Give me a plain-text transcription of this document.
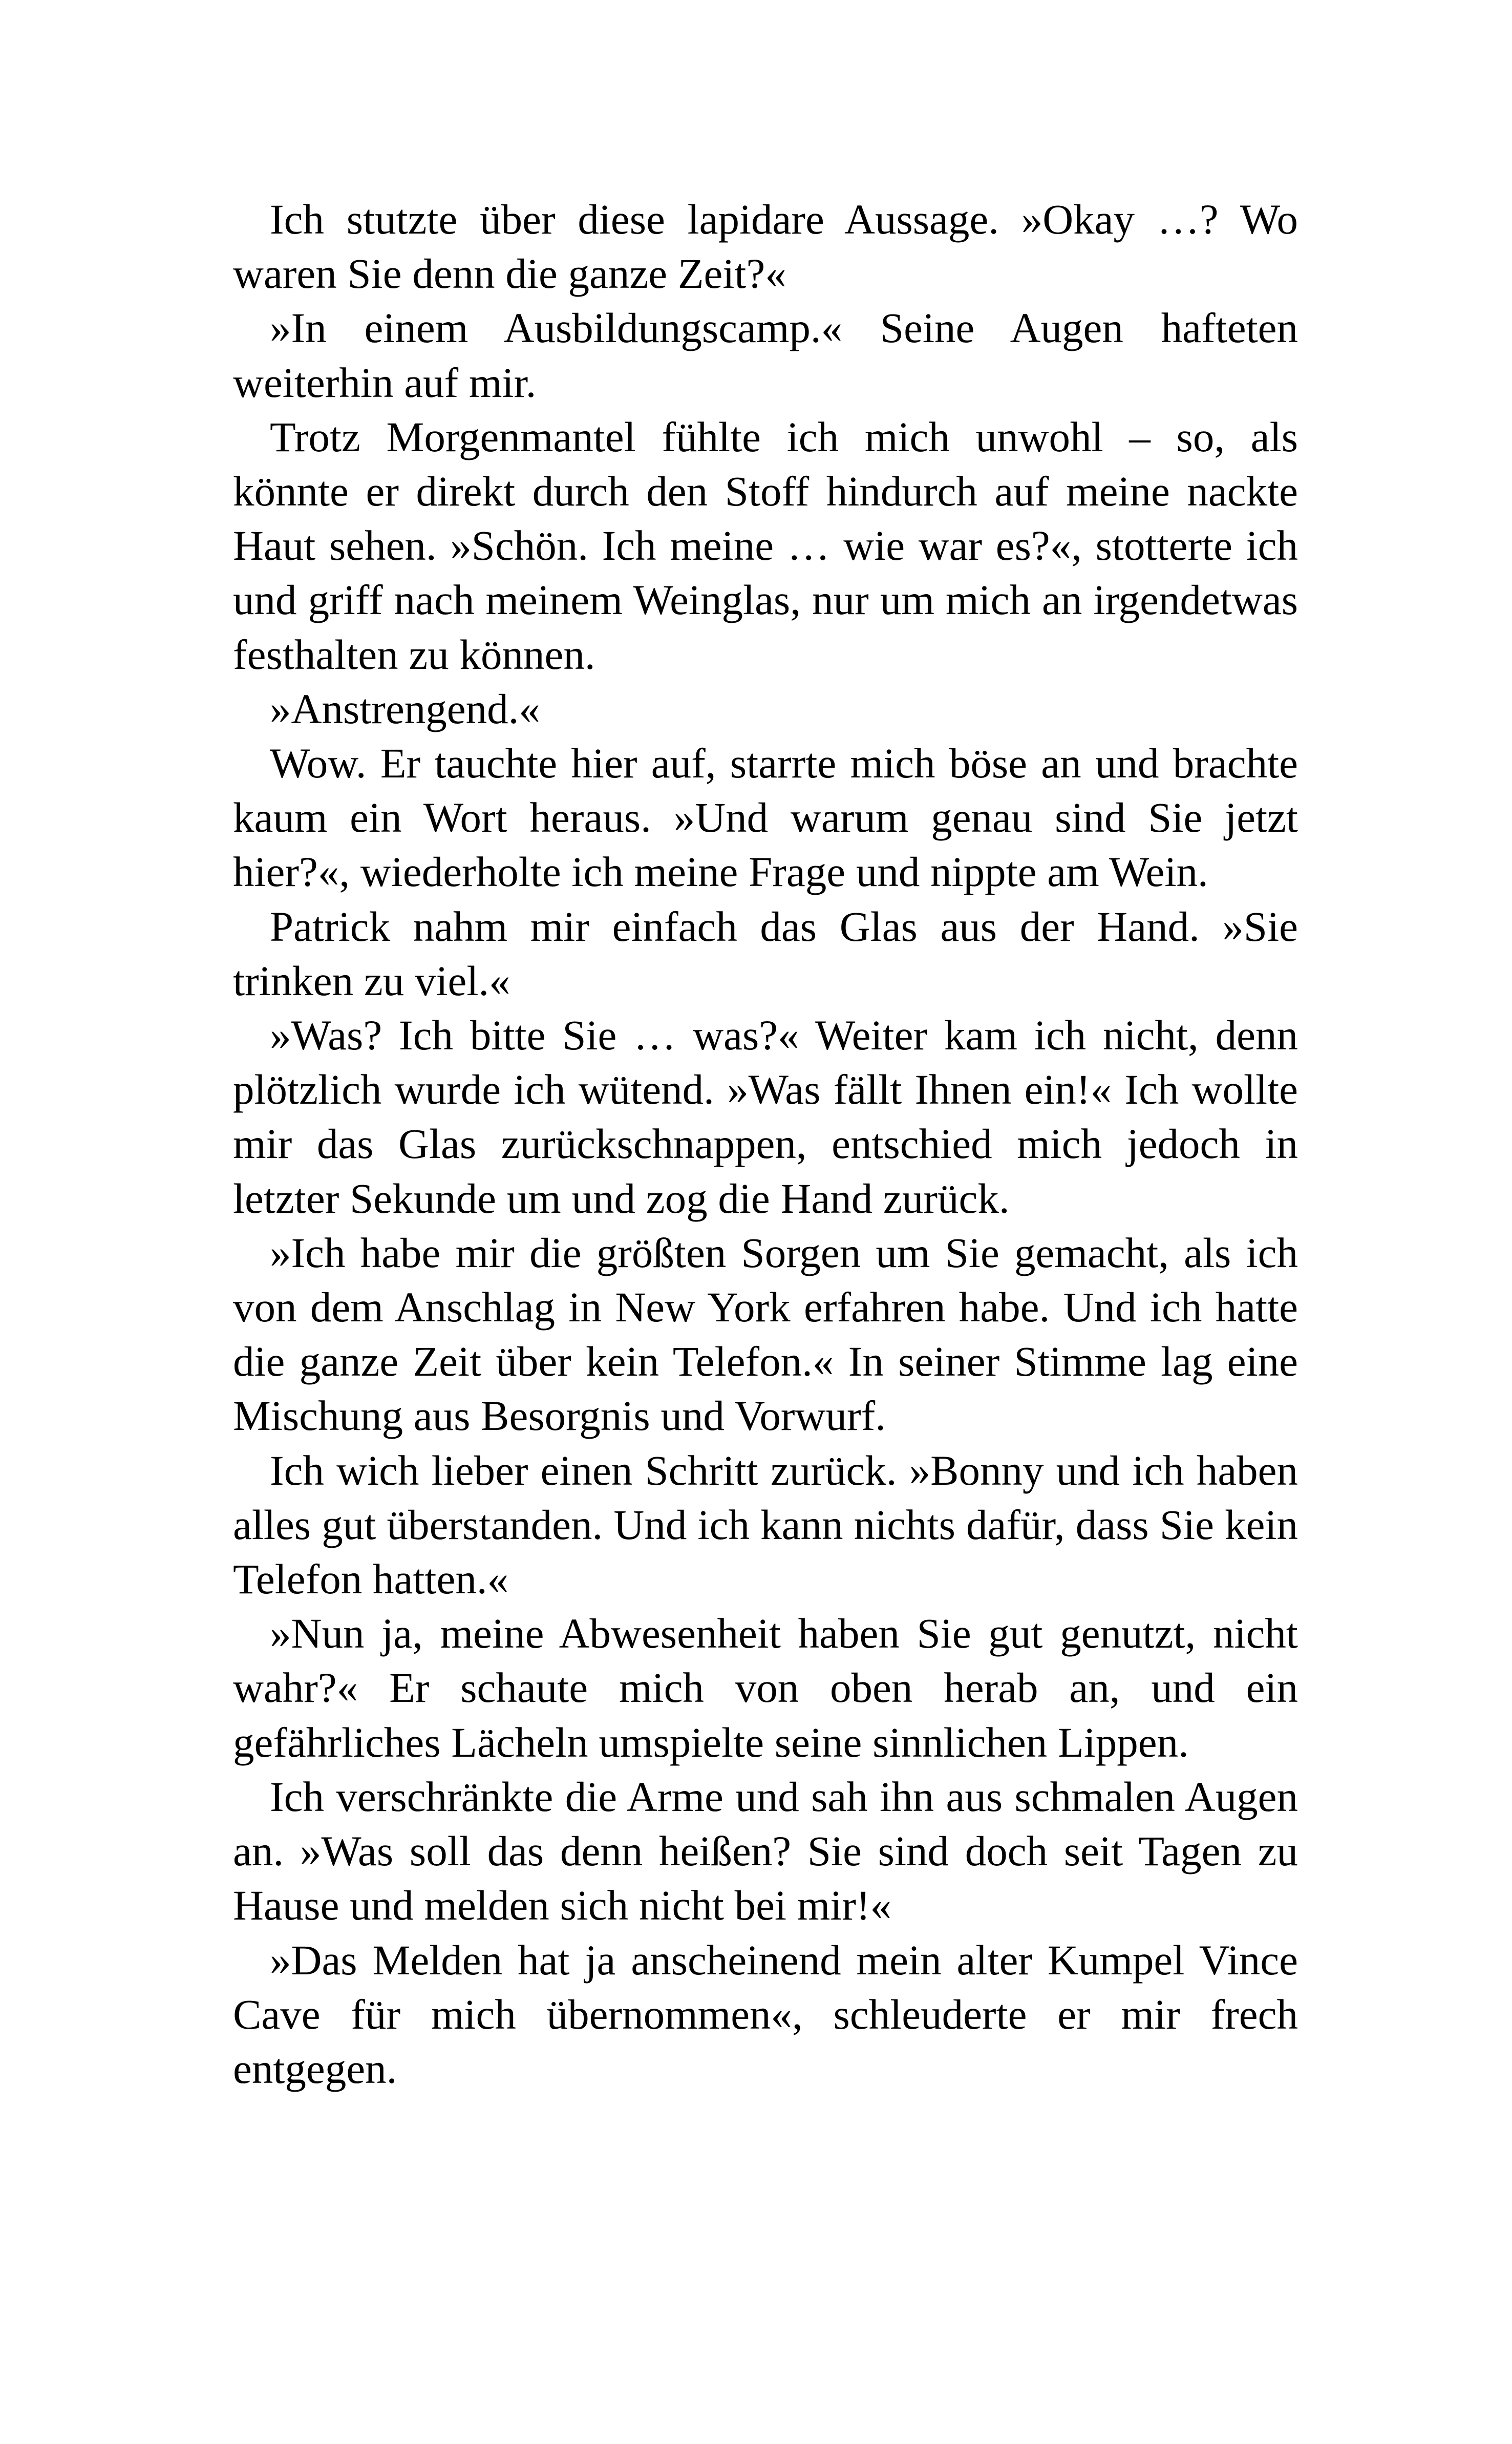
Ich stutzte über diese lapidare Aussage. »Okay …? Wo waren Sie denn die ganze Zeit?«

»In einem Ausbildungscamp.« Seine Augen hafteten weiterhin auf mir.

Trotz Morgenmantel fühlte ich mich unwohl – so, als könnte er direkt durch den Stoff hindurch auf meine nackte Haut sehen. »Schön. Ich meine … wie war es?«, stotterte ich und griff nach meinem Weinglas, nur um mich an irgendetwas festhalten zu können.

»Anstrengend.«

Wow. Er tauchte hier auf, starrte mich böse an und brachte kaum ein Wort heraus. »Und warum genau sind Sie jetzt hier?«, wiederholte ich meine Frage und nippte am Wein.

Patrick nahm mir einfach das Glas aus der Hand. »Sie trinken zu viel.«

»Was? Ich bitte Sie … was?« Weiter kam ich nicht, denn plötzlich wurde ich wütend. »Was fällt Ihnen ein!« Ich wollte mir das Glas zurückschnappen, entschied mich jedoch in letzter Sekunde um und zog die Hand zurück.

»Ich habe mir die größten Sorgen um Sie gemacht, als ich von dem Anschlag in New York erfahren habe. Und ich hatte die ganze Zeit über kein Telefon.« In seiner Stimme lag eine Mischung aus Besorgnis und Vorwurf.

Ich wich lieber einen Schritt zurück. »Bonny und ich haben alles gut überstanden. Und ich kann nichts dafür, dass Sie kein Telefon hatten.«

»Nun ja, meine Abwesenheit haben Sie gut genutzt, nicht wahr?« Er schaute mich von oben herab an, und ein gefährliches Lächeln umspielte seine sinnlichen Lippen.

Ich verschränkte die Arme und sah ihn aus schmalen Augen an. »Was soll das denn heißen? Sie sind doch seit Tagen zu Hause und melden sich nicht bei mir!«

»Das Melden hat ja anscheinend mein alter Kumpel Vince Cave für mich übernommen«, schleuderte er mir frech entgegen.
